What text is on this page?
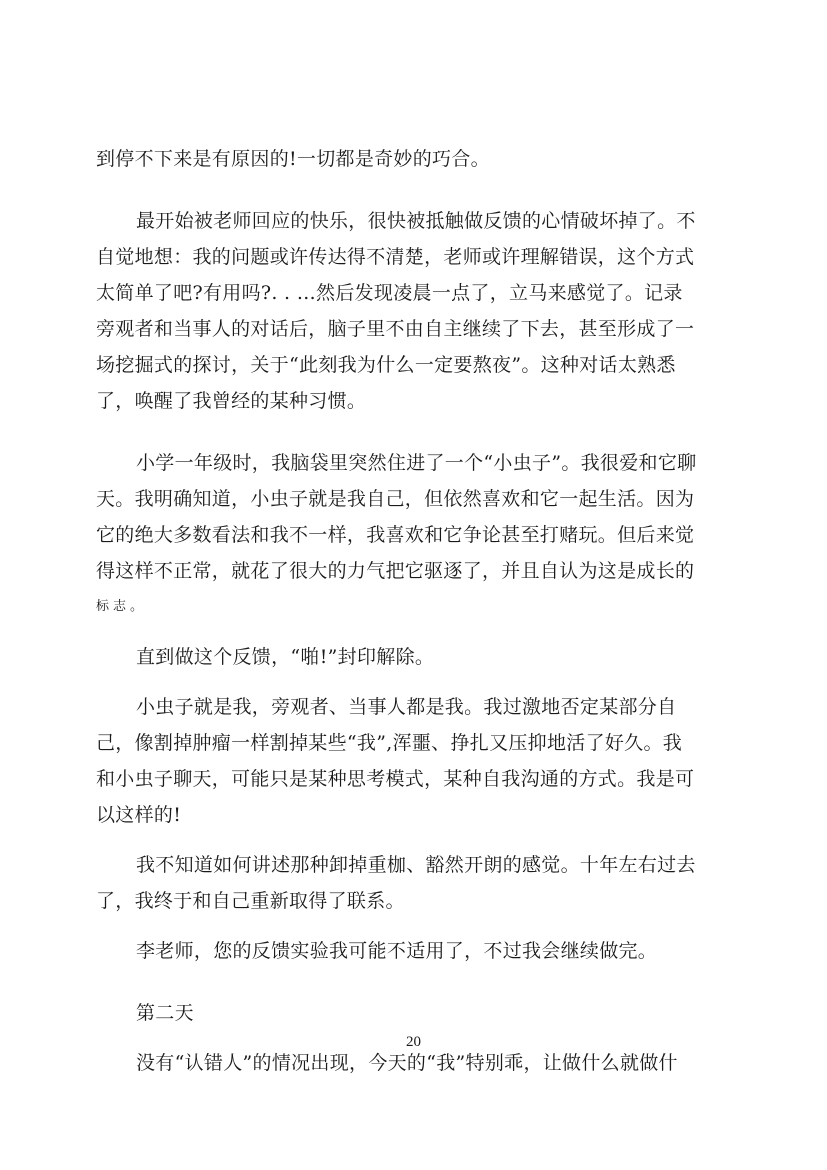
到停不下来是有原因的!一切都是奇妙的巧合。

最开始被老师回应的快乐，很快被抵触做反馈的心情破坏掉了。不
自觉地想：我的问题或许传达得不清楚，老师或许理解错误，这个方式
太简单了吧?有用吗?. . …然后发现凌晨一点了，立马来感觉了。记录
旁观者和当事人的对话后，脑子里不由自主继续了下去，甚至形成了一
场挖掘式的探讨，关于“此刻我为什么一定要熬夜”。这种对话太熟悉
了，唤醒了我曾经的某种习惯。

小学一年级时，我脑袋里突然住进了一个“小虫子”。我很爱和它聊
天。我明确知道，小虫子就是我自己，但依然喜欢和它一起生活。因为
它的绝大多数看法和我不一样，我喜欢和它争论甚至打赌玩。但后来觉
得这样不正常，就花了很大的力气把它驱逐了，并且自认为这是成长的
标志。

直到做这个反馈，“啪!”封印解除。

小虫子就是我，旁观者、当事人都是我。我过激地否定某部分自
己，像割掉肿瘤一样割掉某些“我”,浑噩、挣扎又压抑地活了好久。我
和小虫子聊天，可能只是某种思考模式，某种自我沟通的方式。我是可
以这样的!

我不知道如何讲述那种卸掉重枷、豁然开朗的感觉。十年左右过去
了，我终于和自己重新取得了联系。

李老师，您的反馈实验我可能不适用了，不过我会继续做完。

第二天

没有“认错人”的情况出现，今天的“我”特别乖，让做什么就做什

20
